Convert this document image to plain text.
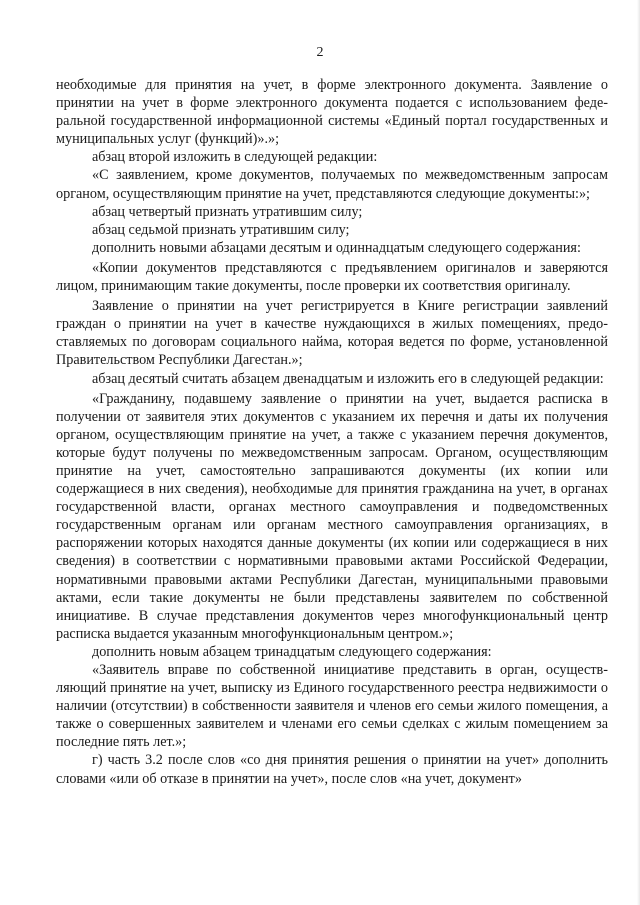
2

необходимые для принятия на учет, в форме электронного документа. Заявление о принятии на учет в форме электронного документа подается с использованием федеральной государственной информационной системы «Единый портал государственных и муниципальных услуг (функций)».»;

абзац второй изложить в следующей редакции:

«С заявлением, кроме документов, получаемых по межведомственным запросам органом, осуществляющим принятие на учет, представляются следующие документы:»;

абзац четвертый признать утратившим силу;

абзац седьмой признать утратившим силу;

дополнить новыми абзацами десятым и одиннадцатым следующего содержания:

«Копии документов представляются с предъявлением оригиналов и заверяются лицом, принимающим такие документы, после проверки их соответствия оригиналу.

Заявление о принятии на учет регистрируется в Книге регистрации заявлений граждан о принятии на учет в качестве нуждающихся в жилых помещениях, предоставляемых по договорам социального найма, которая ведется по форме, установленной Правительством Республики Дагестан.»;

абзац десятый считать абзацем двенадцатым и изложить его в следующей редакции:

«Гражданину, подавшему заявление о принятии на учет, выдается расписка в получении от заявителя этих документов с указанием их перечня и даты их получения органом, осуществляющим принятие на учет, а также с указанием перечня документов, которые будут получены по межведомственным запросам. Органом, осуществляющим принятие на учет, самостоятельно запрашиваются документы (их копии или содержащиеся в них сведения), необходимые для принятия гражданина на учет, в органах государственной власти, органах местного самоуправления и подведомственных государственным органам или органам местного самоуправления организациях, в распоряжении которых находятся данные документы (их копии или содержащиеся в них сведения) в соответствии с нормативными правовыми актами Российской Федерации, нормативными правовыми актами Республики Дагестан, муниципальными правовыми актами, если такие документы не были представлены заявителем по собственной инициативе. В случае представления документов через многофункциональный центр расписка выдается указанным многофункциональным центром.»;

дополнить новым абзацем тринадцатым следующего содержания:

«Заявитель вправе по собственной инициативе представить в орган, осуществляющий принятие на учет, выписку из Единого государственного реестра недвижимости о наличии (отсутствии) в собственности заявителя и членов его семьи жилого помещения, а также о совершенных заявителем и членами его семьи сделках с жилым помещением за последние пять лет.»;

г) часть 3.2 после слов «со дня принятия решения о принятии на учет» дополнить словами «или об отказе в принятии на учет», после слов «на учет, документ»
